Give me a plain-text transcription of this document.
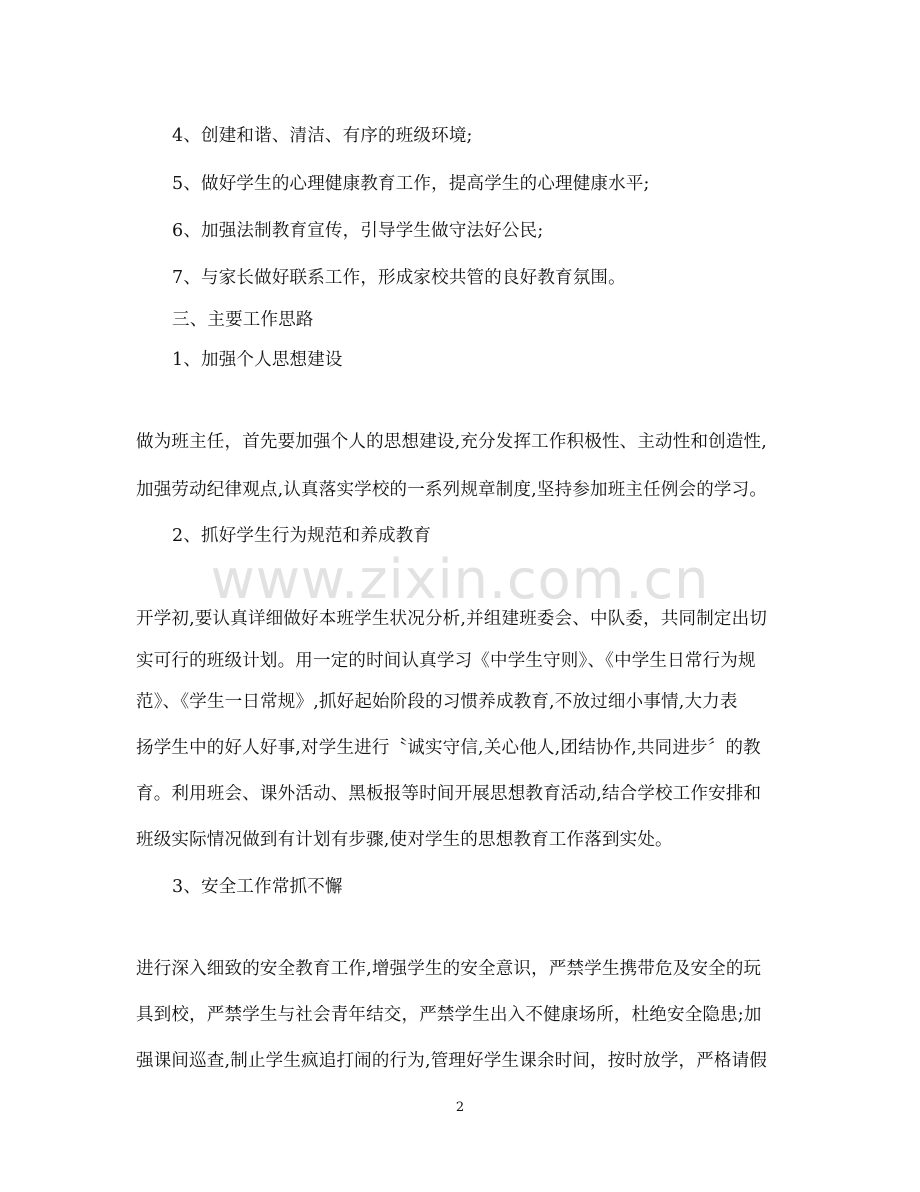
www.zixin.com.cn
4、创建和谐、清洁、有序的班级环境;
5、做好学生的心理健康教育工作，提高学生的心理健康水平;
6、加强法制教育宣传，引导学生做守法好公民;
7、与家长做好联系工作，形成家校共管的良好教育氛围。
三、主要工作思路
1、加强个人思想建设
做为班主任，首先要加强个人的思想建设,充分发挥工作积极性、主动性和创造性,
加强劳动纪律观点,认真落实学校的一系列规章制度,坚持参加班主任例会的学习。
2、抓好学生行为规范和养成教育
开学初,要认真详细做好本班学生状况分析,并组建班委会、中队委，共同制定出切
实可行的班级计划。用一定的时间认真学习《中学生守则》、《中学生日常行为规
范》、《学生一日常规》,抓好起始阶段的习惯养成教育,不放过细小事情,大力表
扬学生中的好人好事,对学生进行〝诚实守信,关心他人,团结协作,共同进步〞的教
育。利用班会、课外活动、黑板报等时间开展思想教育活动,结合学校工作安排和
班级实际情况做到有计划有步骤,使对学生的思想教育工作落到实处。
3、安全工作常抓不懈
进行深入细致的安全教育工作,增强学生的安全意识，严禁学生携带危及安全的玩
具到校，严禁学生与社会青年结交，严禁学生出入不健康场所，杜绝安全隐患;加
强课间巡查,制止学生疯追打闹的行为,管理好学生课余时间，按时放学，严格请假
2
